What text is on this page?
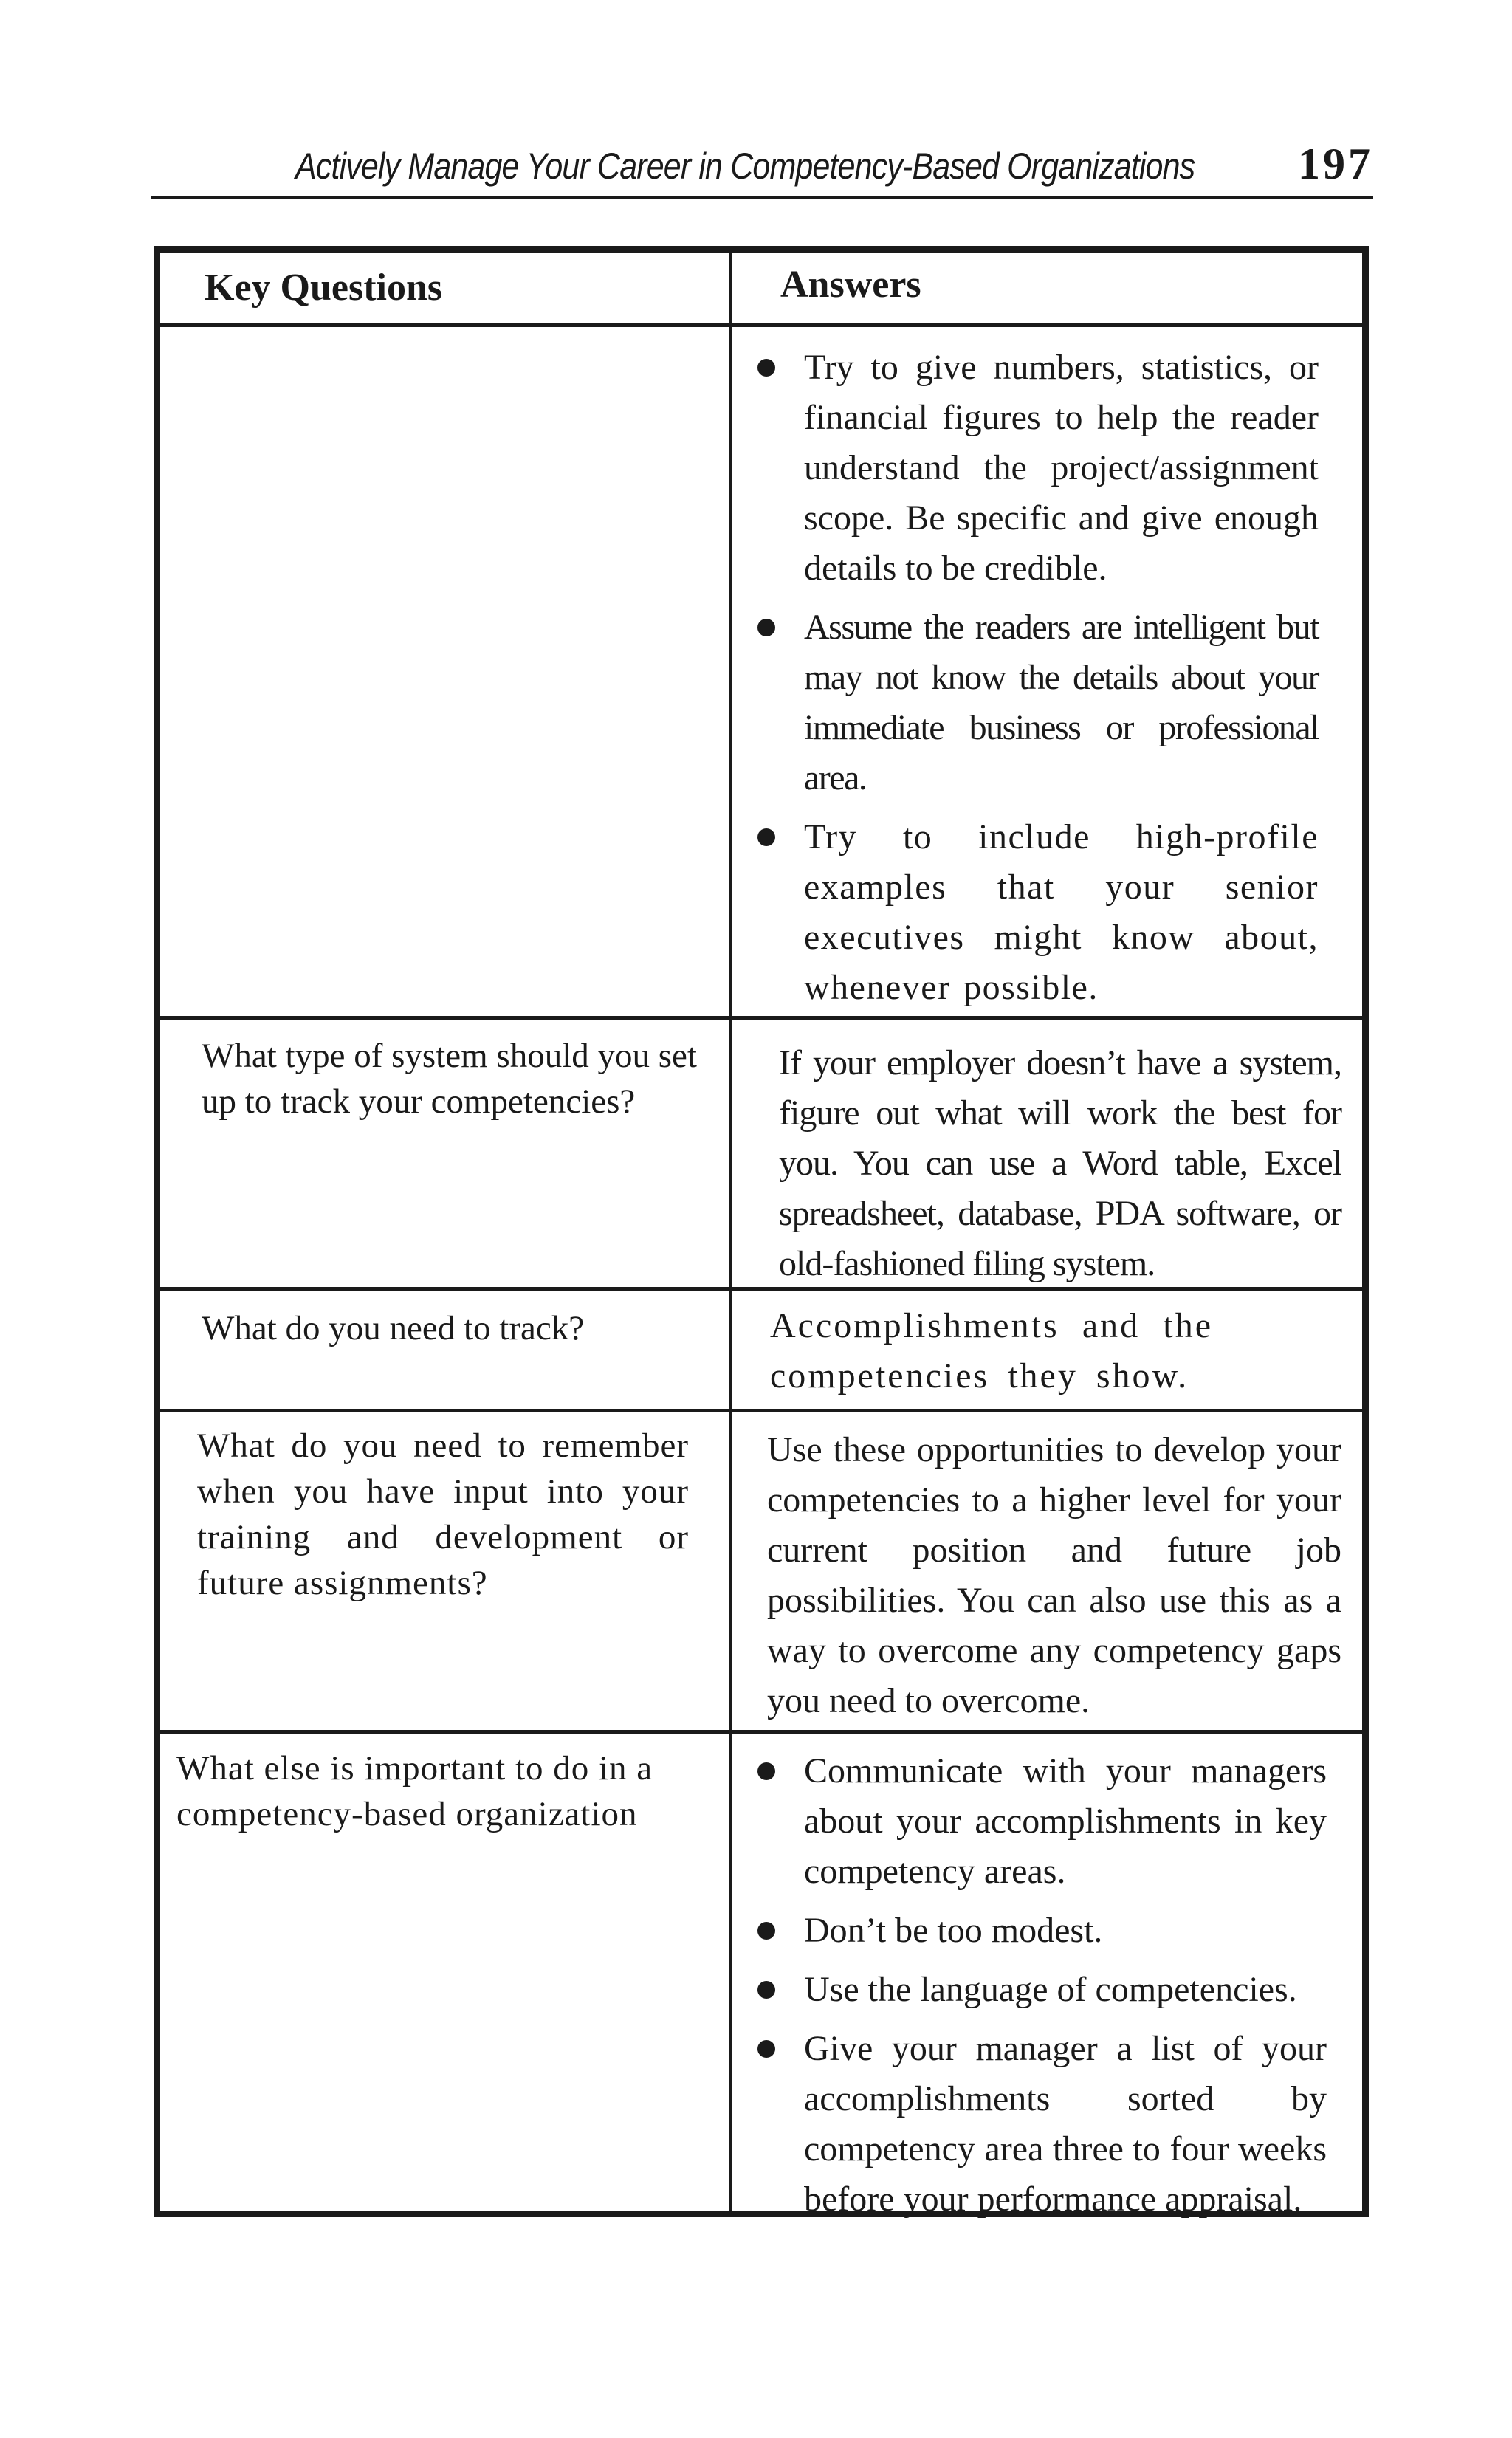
Actively Manage Your Career in Competency-Based Organizations 197
Key Questions	Answers
Try to give numbers, statistics, or financial figures to help the reader understand the project/assignment scope. Be specific and give enough details to be credible.
Assume the readers are intelligent but may not know the details about your immediate business or professional area.
Try to include high-profile examples that your senior executives might know about, whenever possible.
What type of system should you set up to track your competencies?
If your employer doesn’t have a system, figure out what will work the best for you. You can use a Word table, Excel spreadsheet, database, PDA software, or old-fashioned filing system.
What do you need to track?	Accomplishments and the competencies they show.
What do you need to remember when you have input into your training and development or future assignments?
Use these opportunities to develop your competencies to a higher level for your current position and future job possibilities. You can also use this as a way to overcome any competency gaps you need to overcome.
What else is important to do in a competency-based organization
Communicate with your managers about your accomplishments in key competency areas.
Don’t be too modest.
Use the language of competencies.
Give your manager a list of your accomplishments sorted by competency area three to four weeks before your performance appraisal.
